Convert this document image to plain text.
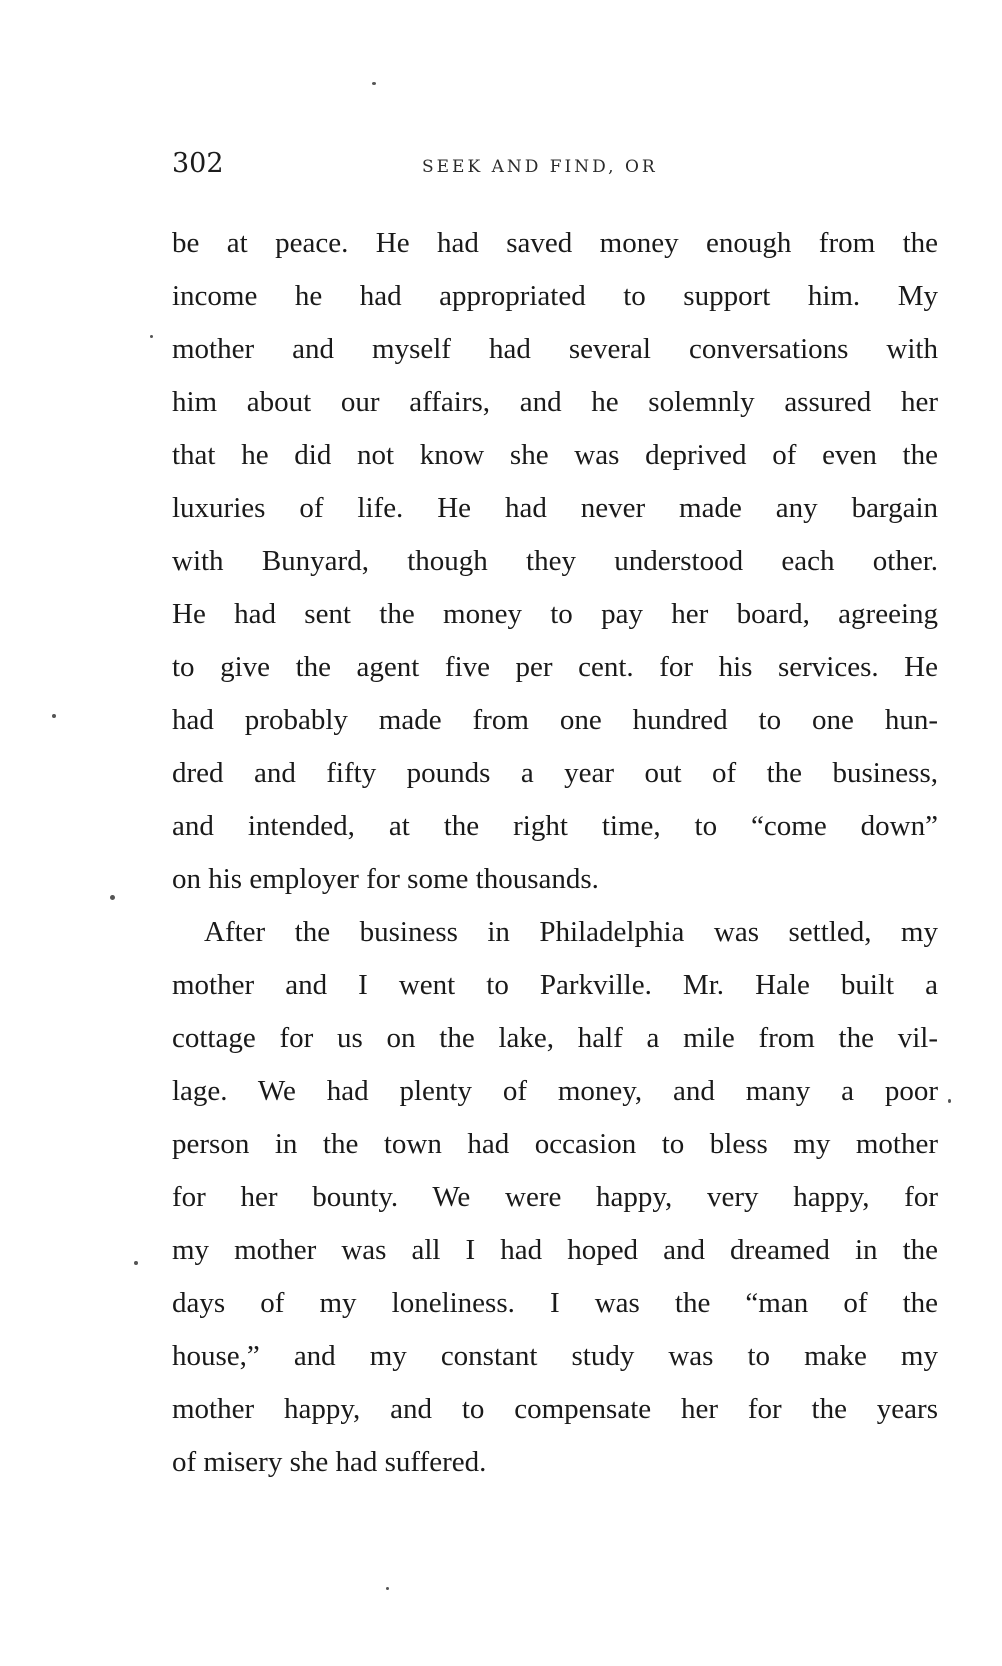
302	SEEK AND FIND, OR
be at peace. He had saved money enough from the
income he had appropriated to support him. My
mother and myself had several conversations with
him about our affairs, and he solemnly assured her
that he did not know she was deprived of even the
luxuries of life. He had never made any bargain
with Bunyard, though they understood each other.
He had sent the money to pay her board, agreeing
to give the agent five per cent. for his services. He
had probably made from one hundred to one hun-
dred and fifty pounds a year out of the business,
and intended, at the right time, to “come down”
on his employer for some thousands.
After the business in Philadelphia was settled, my
mother and I went to Parkville. Mr. Hale built a
cottage for us on the lake, half a mile from the vil-
lage. We had plenty of money, and many a poor
person in the town had occasion to bless my mother
for her bounty. We were happy, very happy, for
my mother was all I had hoped and dreamed in the
days of my loneliness. I was the “man of the
house,” and my constant study was to make my
mother happy, and to compensate her for the years
of misery she had suffered.
